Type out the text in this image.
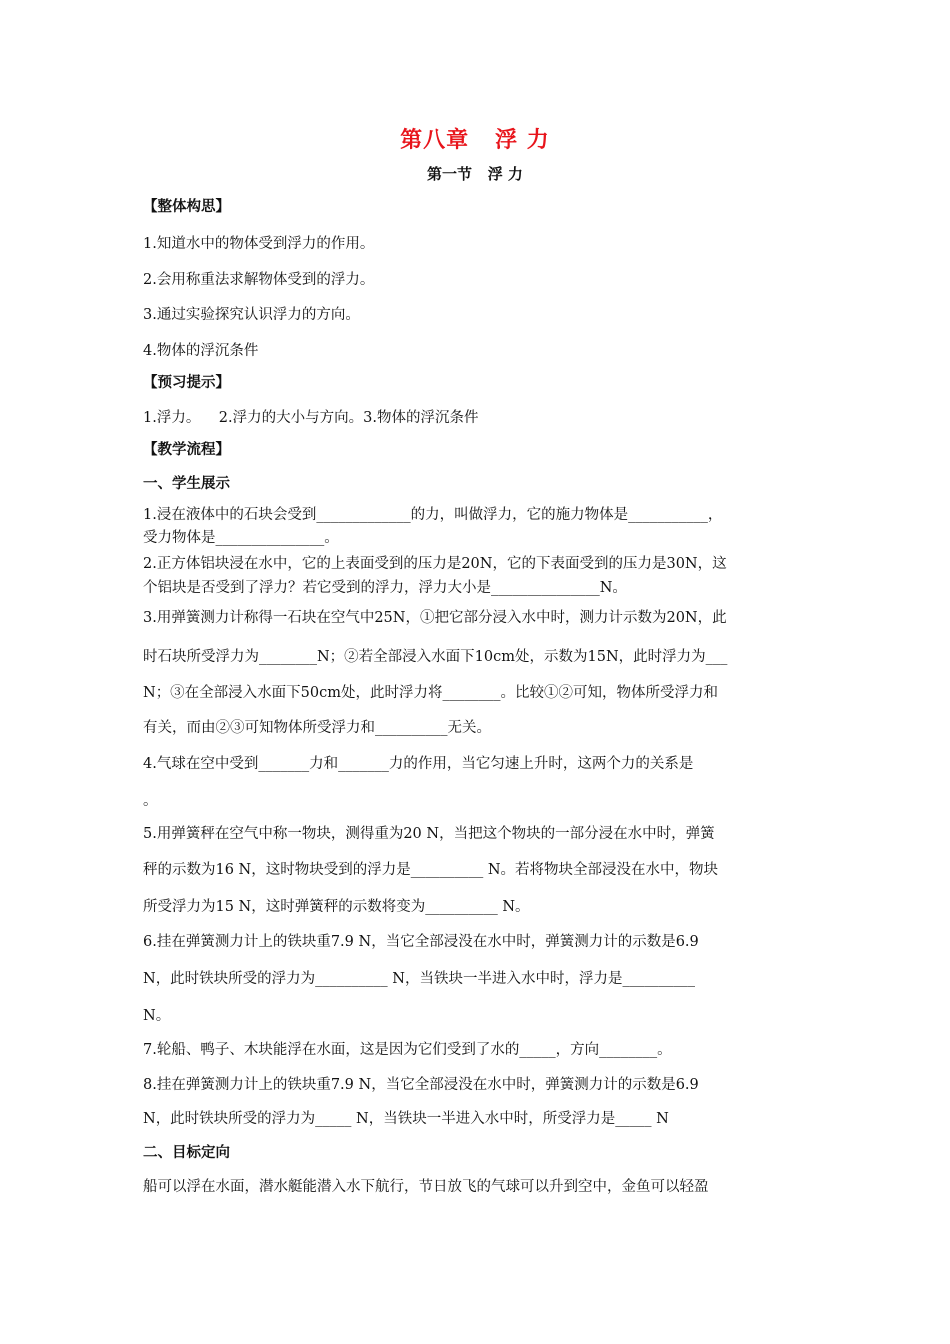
第八章   浮 力
第一节   浮 力
【整体构思】
1.知道水中的物体受到浮力的作用。
2.会用称重法求解物体受到的浮力。
3.通过实验探究认识浮力的方向。
4.物体的浮沉条件
【预习提示】
1.浮力。    2.浮力的大小与方向。3.物体的浮沉条件
【教学流程】
一、学生展示
1.浸在液体中的石块会受到_____________的力，叫做浮力，它的施力物体是___________，
受力物体是_______________。
2.正方体铝块浸在水中，它的上表面受到的压力是20N，它的下表面受到的压力是30N，这
个铝块是否受到了浮力？若它受到的浮力，浮力大小是_______________N。
3.用弹簧测力计称得一石块在空气中25N，①把它部分浸入水中时，测力计示数为20N，此
时石块所受浮力为________N；②若全部浸入水面下10cm处，示数为15N，此时浮力为___
N；③在全部浸入水面下50cm处，此时浮力将________。比较①②可知，物体所受浮力和
有关，而由②③可知物体所受浮力和__________无关。
4.气球在空中受到_______力和_______力的作用，当它匀速上升时，这两个力的关系是
。
5.用弹簧秤在空气中称一物块，测得重为20 N，当把这个物块的一部分浸在水中时，弹簧
秤的示数为16 N，这时物块受到的浮力是__________ N。若将物块全部浸没在水中，物块
所受浮力为15 N，这时弹簧秤的示数将变为__________ N。
6.挂在弹簧测力计上的铁块重7.9 N，当它全部浸没在水中时，弹簧测力计的示数是6.9
N，此时铁块所受的浮力为__________ N，当铁块一半进入水中时，浮力是__________
N。
7.轮船、鸭子、木块能浮在水面，这是因为它们受到了水的_____，方向________。
8.挂在弹簧测力计上的铁块重7.9 N，当它全部浸没在水中时，弹簧测力计的示数是6.9
N，此时铁块所受的浮力为_____ N，当铁块一半进入水中时，所受浮力是_____ N
二、目标定向
船可以浮在水面，潜水艇能潜入水下航行，节日放飞的气球可以升到空中，金鱼可以轻盈
